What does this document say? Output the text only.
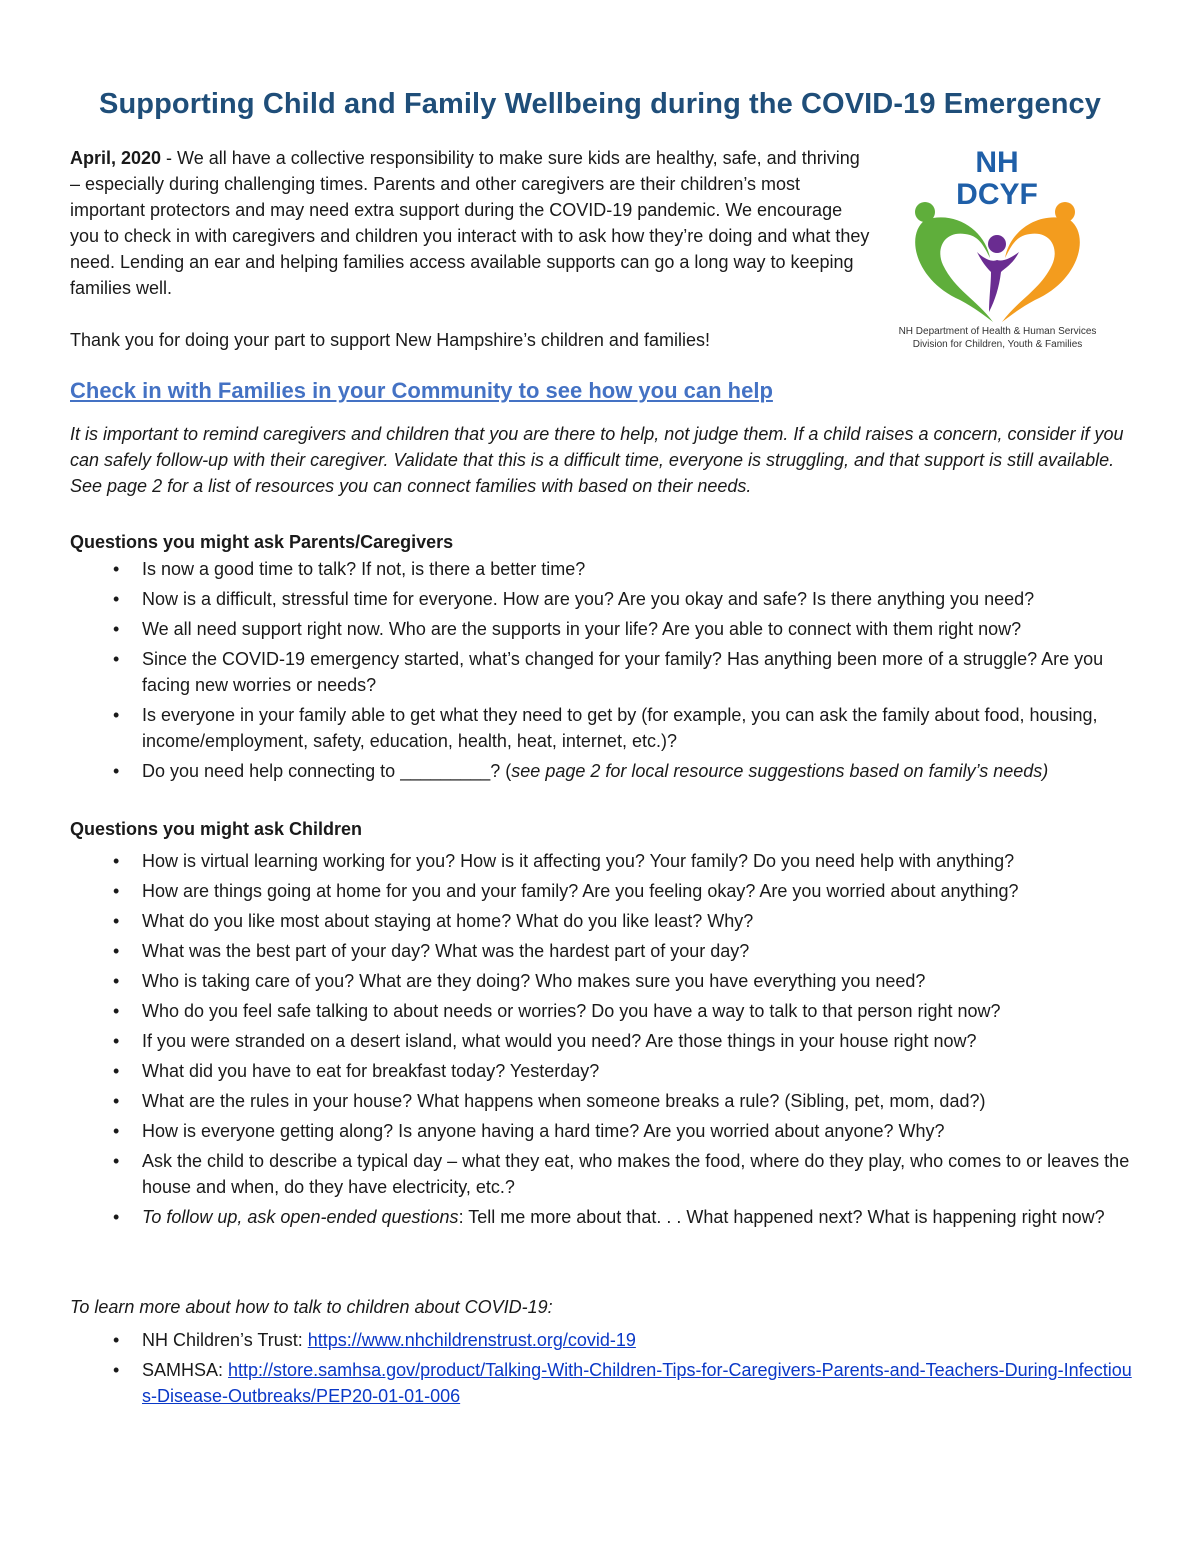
Supporting Child and Family Wellbeing during the COVID-19 Emergency

April, 2020 - We all have a collective responsibility to make sure kids are healthy, safe, and thriving – especially during challenging times. Parents and other caregivers are their children’s most important protectors and may need extra support during the COVID-19 pandemic. We encourage you to check in with caregivers and children you interact with to ask how they’re doing and what they need. Lending an ear and helping families access available supports can go a long way to keeping families well.

Thank you for doing your part to support New Hampshire’s children and families!

NH
DCYF
NH Department of Health & Human Services
Division for Children, Youth & Families
Check in with Families in your Community to see how you can help

It is important to remind caregivers and children that you are there to help, not judge them. If a child raises a concern, consider if you can safely follow-up with their caregiver. Validate that this is a difficult time, everyone is struggling, and that support is still available. See page 2 for a list of resources you can connect families with based on their needs.

Questions you might ask Parents/Caregivers
• Is now a good time to talk? If not, is there a better time?
• Now is a difficult, stressful time for everyone. How are you? Are you okay and safe? Is there anything you need?
• We all need support right now. Who are the supports in your life? Are you able to connect with them right now?
• Since the COVID-19 emergency started, what’s changed for your family? Has anything been more of a struggle? Are you facing new worries or needs?
• Is everyone in your family able to get what they need to get by (for example, you can ask the family about food, housing, income/employment, safety, education, health, heat, internet, etc.)?
• Do you need help connecting to _________? (see page 2 for local resource suggestions based on family’s needs)
Questions you might ask Children
• How is virtual learning working for you? How is it affecting you? Your family? Do you need help with anything?
• How are things going at home for you and your family? Are you feeling okay? Are you worried about anything?
• What do you like most about staying at home? What do you like least? Why?
• What was the best part of your day? What was the hardest part of your day?
• Who is taking care of you? What are they doing? Who makes sure you have everything you need?
• Who do you feel safe talking to about needs or worries? Do you have a way to talk to that person right now?
• If you were stranded on a desert island, what would you need? Are those things in your house right now?
• What did you have to eat for breakfast today? Yesterday?
• What are the rules in your house? What happens when someone breaks a rule? (Sibling, pet, mom, dad?)
• How is everyone getting along? Is anyone having a hard time? Are you worried about anyone? Why?
• Ask the child to describe a typical day – what they eat, who makes the food, where do they play, who comes to or leaves the house and when, do they have electricity, etc.?
• To follow up, ask open-ended questions: Tell me more about that. . . What happened next? What is happening right now?

To learn more about how to talk to children about COVID-19:

• NH Children’s Trust: https://www.nhchildrenstrust.org/covid-19
• SAMHSA: http://store.samhsa.gov/product/Talking-With-Children-Tips-for-Caregivers-Parents-and-Teachers-During-Infectious-Disease-Outbreaks/PEP20-01-01-006
